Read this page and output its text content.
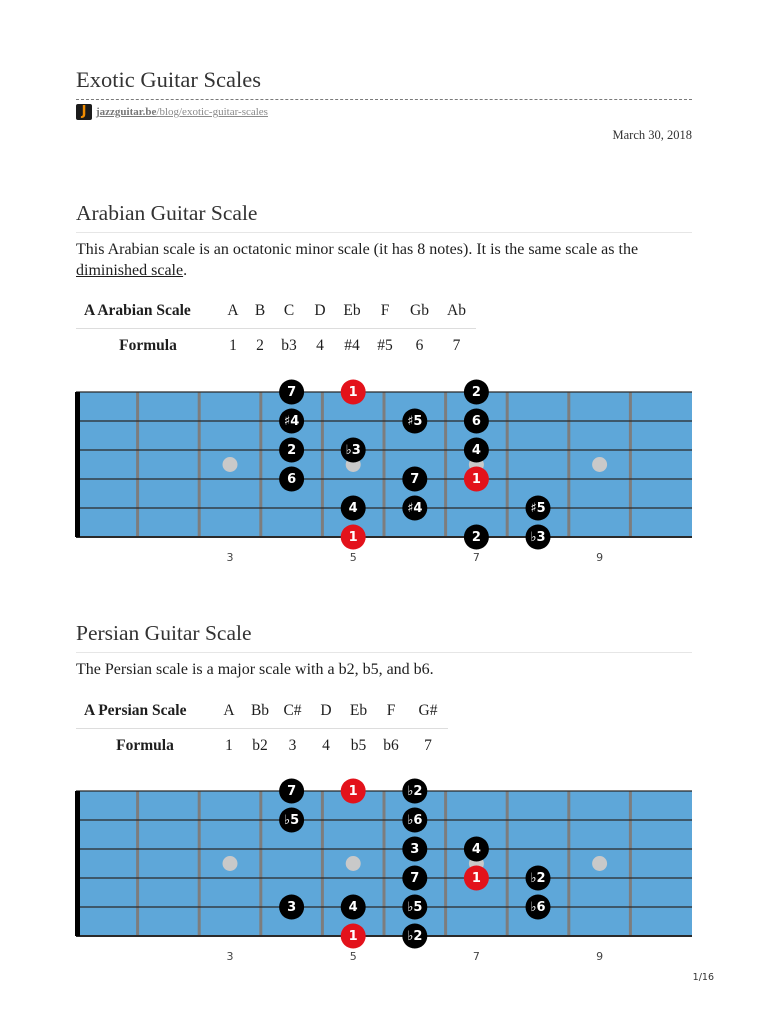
Exotic Guitar Scales
J jazzguitar.be /blog/exotic-guitar-scales
March 30, 2018
Arabian Guitar Scale
This Arabian scale is an octatonic minor scale (it has 8 notes). It is the same scale as the
diminished scale.
A Arabian Scale	A	B	C	D	Eb	F	Gb	Ab
Formula	1	2	b3	4	#4	#5	6	7
7	1	2
♯4	♯5	6
2	♭3	4
6	7	1
4	♯4	♯5
1	2	♭3
3	5	7	9
Persian Guitar Scale
The Persian scale is a major scale with a b2, b5, and b6.
A Persian Scale	A	Bb	C#	D	Eb	F	G#
Formula	1	b2	3	4	b5	b6	7
7	1	♭2
♭5	♭6
3	4
7	1	♭2
3	4	♭5	♭6
1	♭2
3	5	7	9
1/16
